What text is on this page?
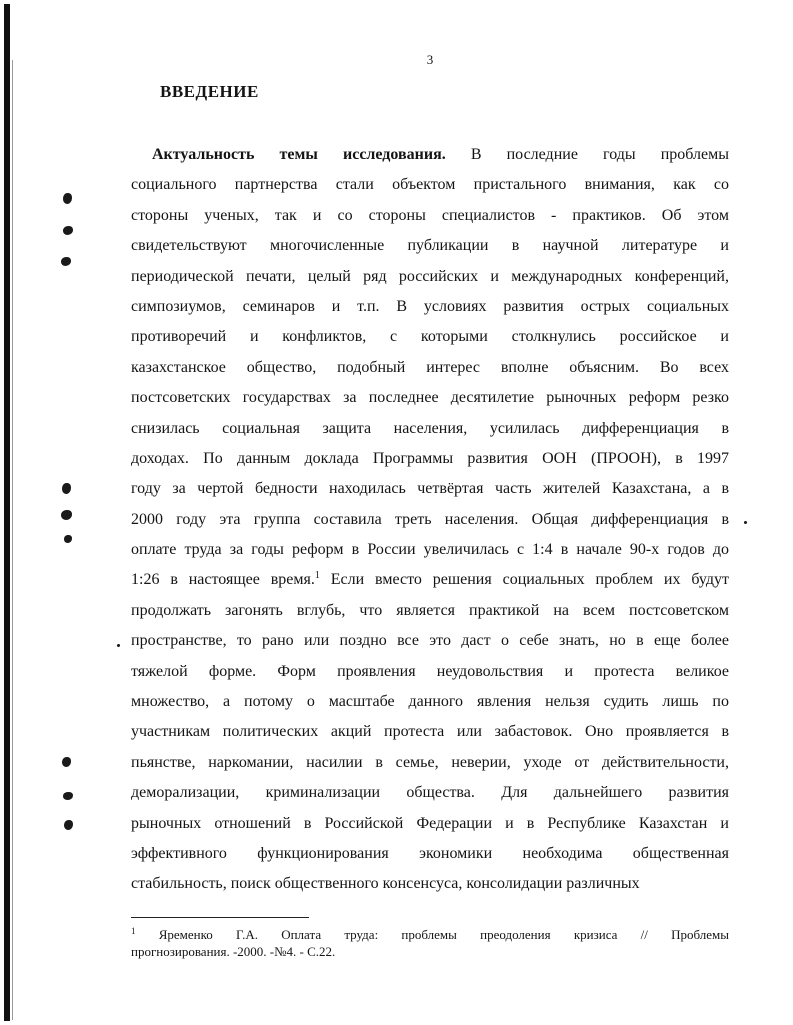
3
ВВЕДЕНИЕ
Актуальность темы исследования. В последние годы проблемы
социального партнерства стали объектом пристального внимания, как со
стороны ученых, так и со стороны специалистов - практиков. Об этом
свидетельствуют многочисленные публикации в научной литературе и
периодической печати, целый ряд российских и международных конференций,
симпозиумов, семинаров и т.п. В условиях развития острых социальных
противоречий и конфликтов, с которыми столкнулись российское и
казахстанское общество, подобный интерес вполне объясним. Во всех
постсоветских государствах за последнее десятилетие рыночных реформ резко
снизилась социальная защита населения, усилилась дифференциация в
доходах. По данным доклада Программы развития ООН (ПРООН), в 1997
году за чертой бедности находилась четвёртая часть жителей Казахстана, а в
2000 году эта группа составила треть населения. Общая дифференциация в
оплате труда за годы реформ в России увеличилась с 1:4 в начале 90-х годов до
1:26 в настоящее время.$^1$ Если вместо решения социальных проблем их будут
продолжать загонять вглубь, что является практикой на всем постсоветском
пространстве, то рано или поздно все это даст о себе знать, но в еще более
тяжелой форме. Форм проявления неудовольствия и протеста великое
множество, а потому о масштабе данного явления нельзя судить лишь по
участникам политических акций протеста или забастовок. Оно проявляется в
пьянстве, наркомании, насилии в семье, неверии, уходе от действительности,
деморализации, криминализации общества. Для дальнейшего развития
рыночных отношений в Российской Федерации и в Республике Казахстан и
эффективного функционирования экономики необходима общественная
стабильность, поиск общественного консенсуса, консолидации различных
$^1$ Яременко Г.А. Оплата труда: проблемы преодоления кризиса // Проблемы
прогнозирования. -2000. -№4. - С.22.
